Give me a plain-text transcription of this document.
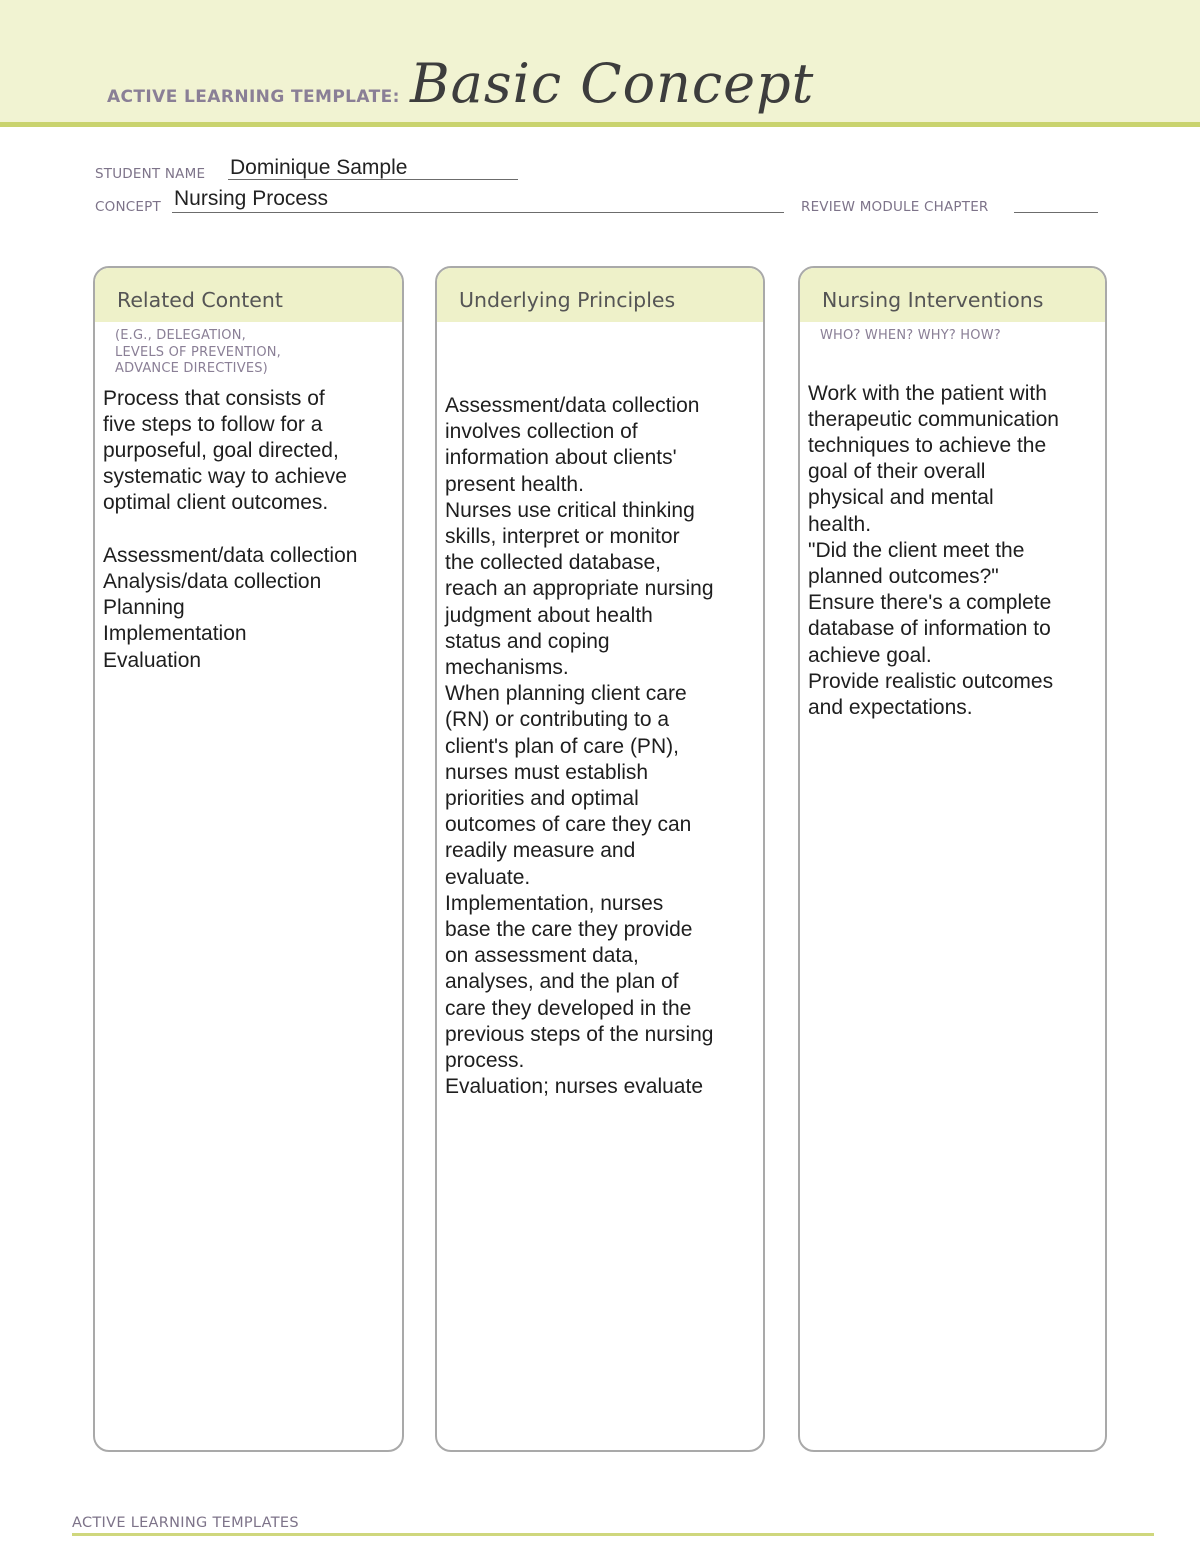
ACTIVE LEARNING TEMPLATE: Basic Concept
STUDENT NAME Dominique Sample
CONCEPT Nursing Process	REVIEW MODULE CHAPTER
Related Content
(E.G., DELEGATION,
LEVELS OF PREVENTION,
ADVANCE DIRECTIVES)
Process that consists of
five steps to follow for a
purposeful, goal directed,
systematic way to achieve
optimal client outcomes.

Assessment/data collection
Analysis/data collection
Planning
Implementation
Evaluation
Underlying Principles
Assessment/data collection
involves collection of
information about clients'
present health.
Nurses use critical thinking
skills, interpret or monitor
the collected database,
reach an appropriate nursing
judgment about health
status and coping
mechanisms.
When planning client care
(RN) or contributing to a
client's plan of care (PN),
nurses must establish
priorities and optimal
outcomes of care they can
readily measure and
evaluate.
Implementation, nurses
base the care they provide
on assessment data,
analyses, and the plan of
care they developed in the
previous steps of the nursing
process.
Evaluation; nurses evaluate
Nursing Interventions
WHO? WHEN? WHY? HOW?
Work with the patient with
therapeutic communication
techniques to achieve the
goal of their overall
physical and mental
health.
"Did the client meet the
planned outcomes?"
Ensure there's a complete
database of information to
achieve goal.
Provide realistic outcomes
and expectations.
ACTIVE LEARNING TEMPLATES
